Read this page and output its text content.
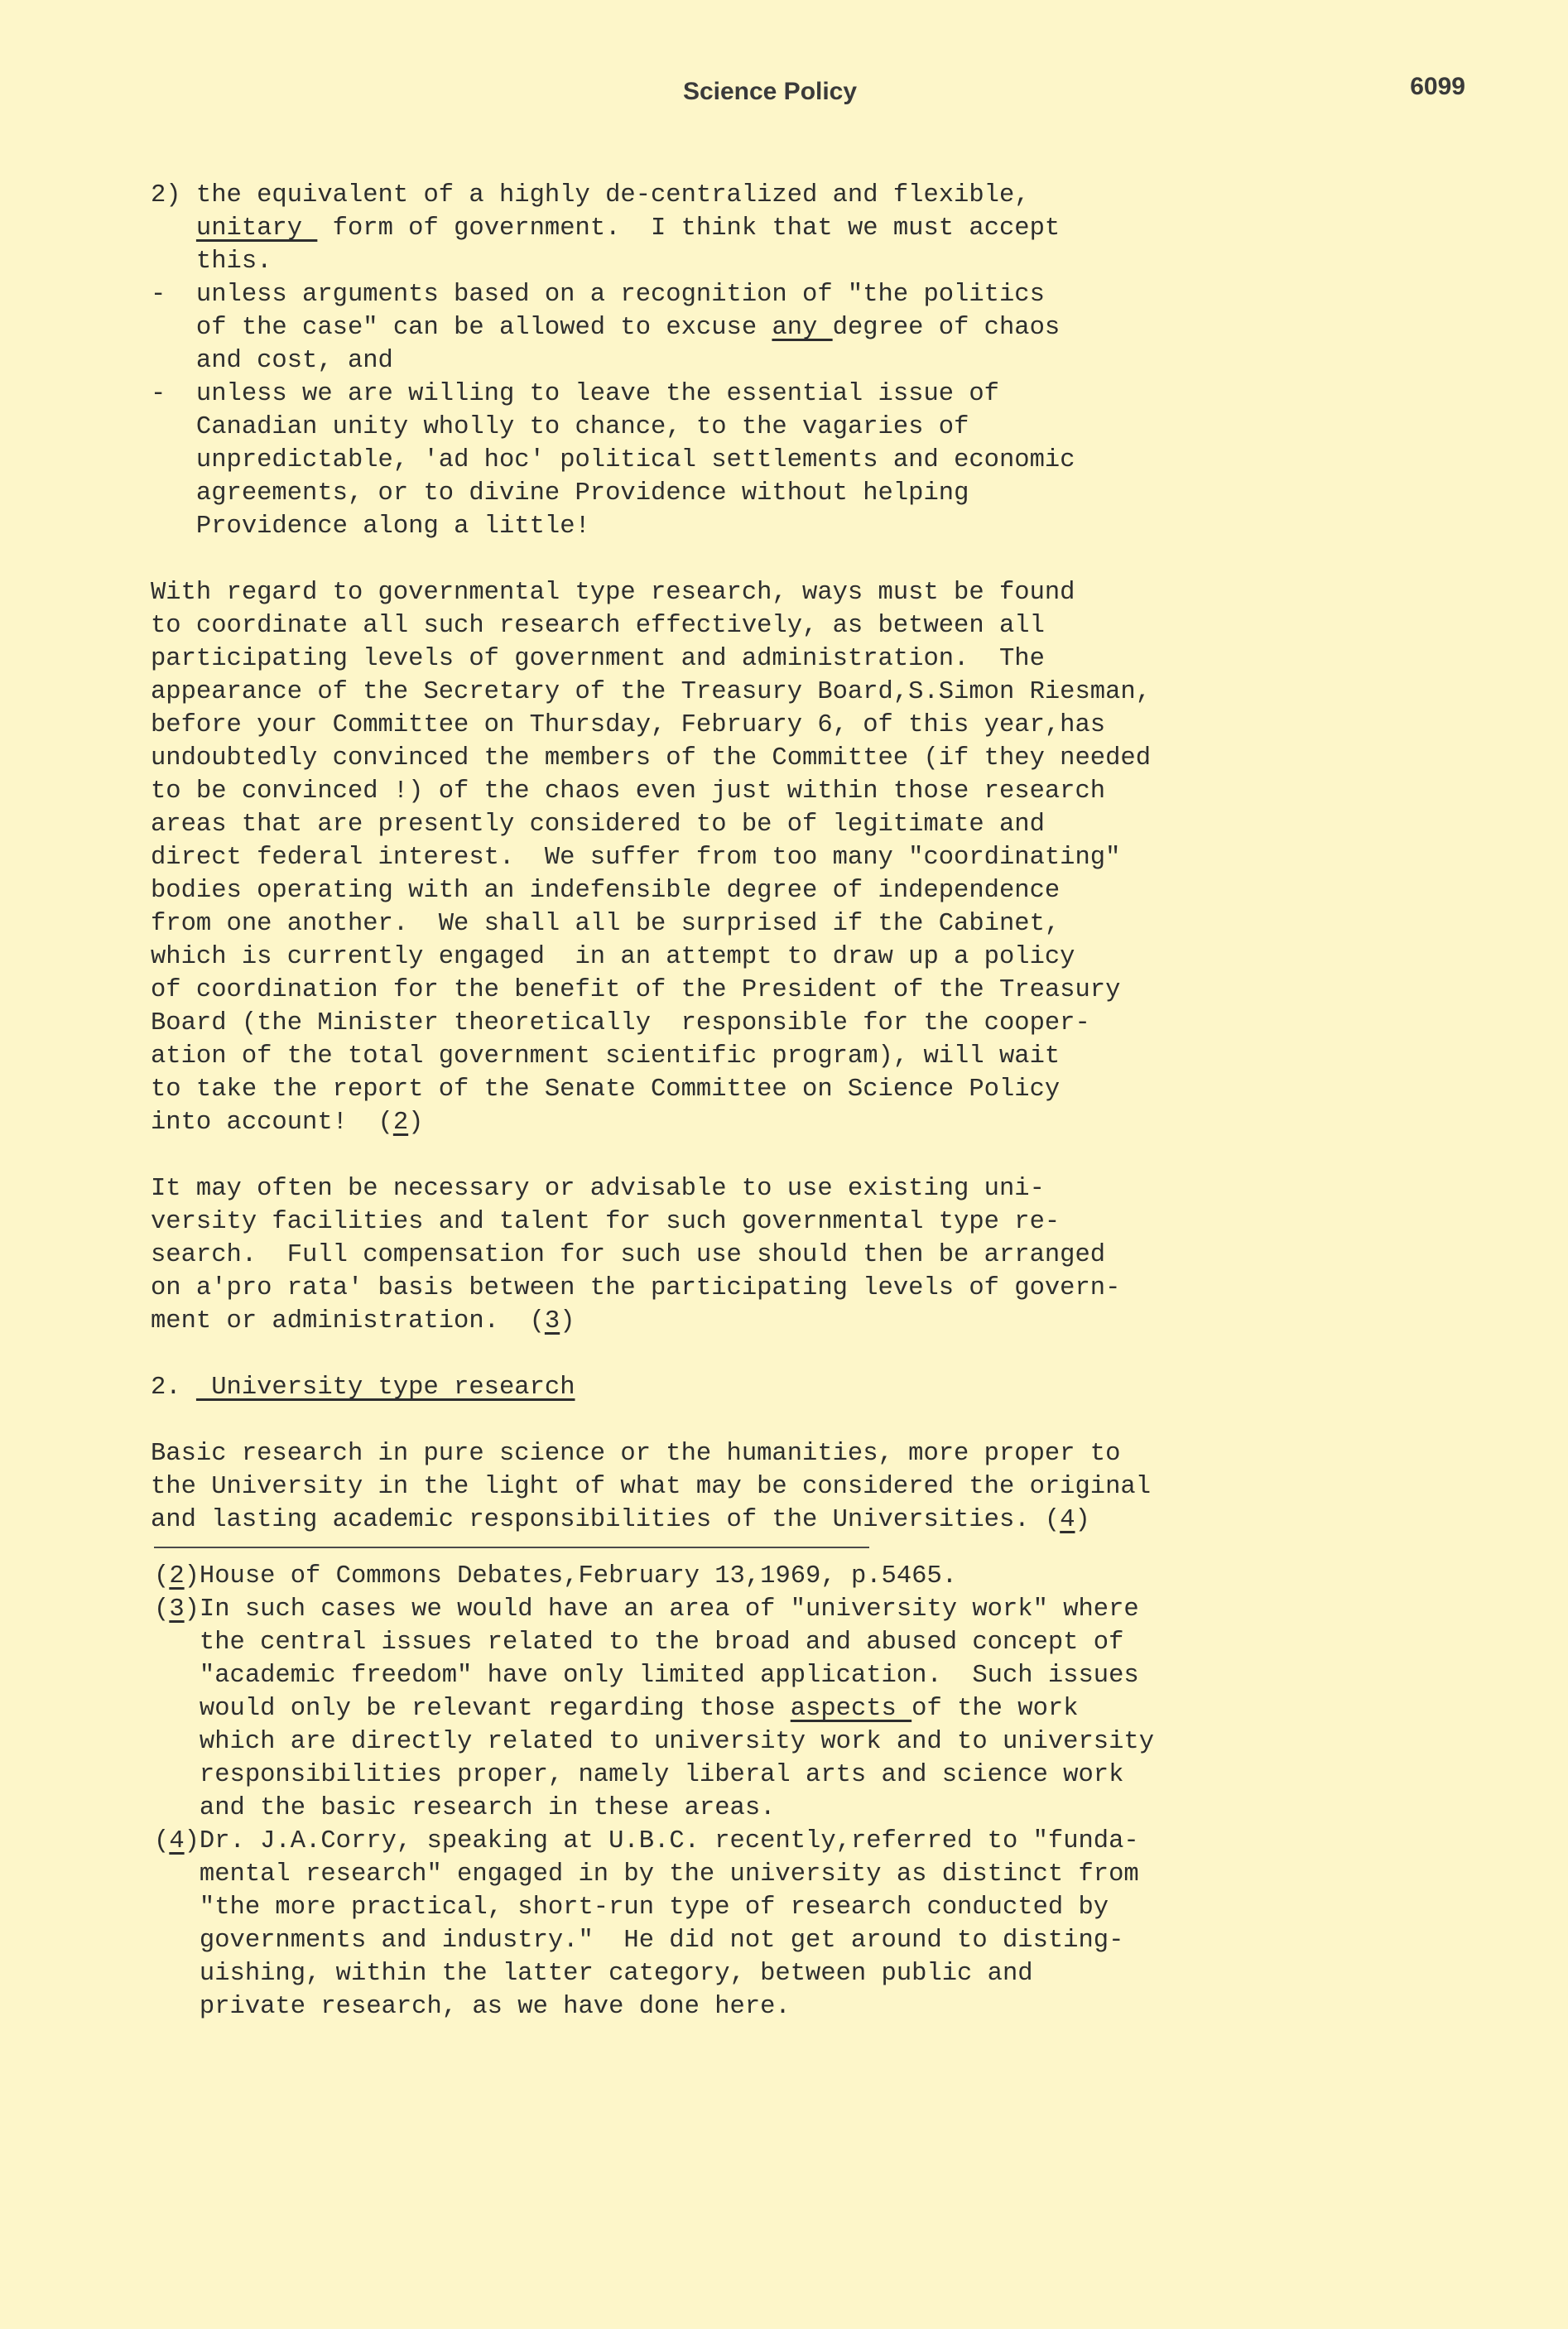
Science Policy	6099
2) the equivalent of a highly de-centralized and flexible,
unitary  form of government.  I think that we must accept
this.
-  unless arguments based on a recognition of "the politics
of the case" can be allowed to excuse any degree of chaos
and cost, and
-  unless we are willing to leave the essential issue of
Canadian unity wholly to chance, to the vagaries of
unpredictable, 'ad hoc' political settlements and economic
agreements, or to divine Providence without helping
Providence along a little!
With regard to governmental type research, ways must be found
to coordinate all such research effectively, as between all
participating levels of government and administration.  The
appearance of the Secretary of the Treasury Board,S.Simon Riesman,
before your Committee on Thursday, February 6, of this year,has
undoubtedly convinced the members of the Committee (if they needed
to be convinced !) of the chaos even just within those research
areas that are presently considered to be of legitimate and
direct federal interest.  We suffer from too many "coordinating"
bodies operating with an indefensible degree of independence
from one another.  We shall all be surprised if the Cabinet,
which is currently engaged  in an attempt to draw up a policy
of coordination for the benefit of the President of the Treasury
Board (the Minister theoretically  responsible for the cooper-
ation of the total government scientific program), will wait
to take the report of the Senate Committee on Science Policy
into account!  (2)
It may often be necessary or advisable to use existing uni-
versity facilities and talent for such governmental type re-
search.  Full compensation for such use should then be arranged
on a'pro rata' basis between the participating levels of govern-
ment or administration.  (3)
2.  University type research
Basic research in pure science or the humanities, more proper to
the University in the light of what may be considered the original
and lasting academic responsibilities of the Universities. (4)
(2)House of Commons Debates,February 13,1969, p.5465.
(3)In such cases we would have an area of "university work" where
the central issues related to the broad and abused concept of
"academic freedom" have only limited application.  Such issues
would only be relevant regarding those aspects of the work
which are directly related to university work and to university
responsibilities proper, namely liberal arts and science work
and the basic research in these areas.
(4)Dr. J.A.Corry, speaking at U.B.C. recently,referred to "funda-
mental research" engaged in by the university as distinct from
"the more practical, short-run type of research conducted by
governments and industry."  He did not get around to disting-
uishing, within the latter category, between public and
private research, as we have done here.
